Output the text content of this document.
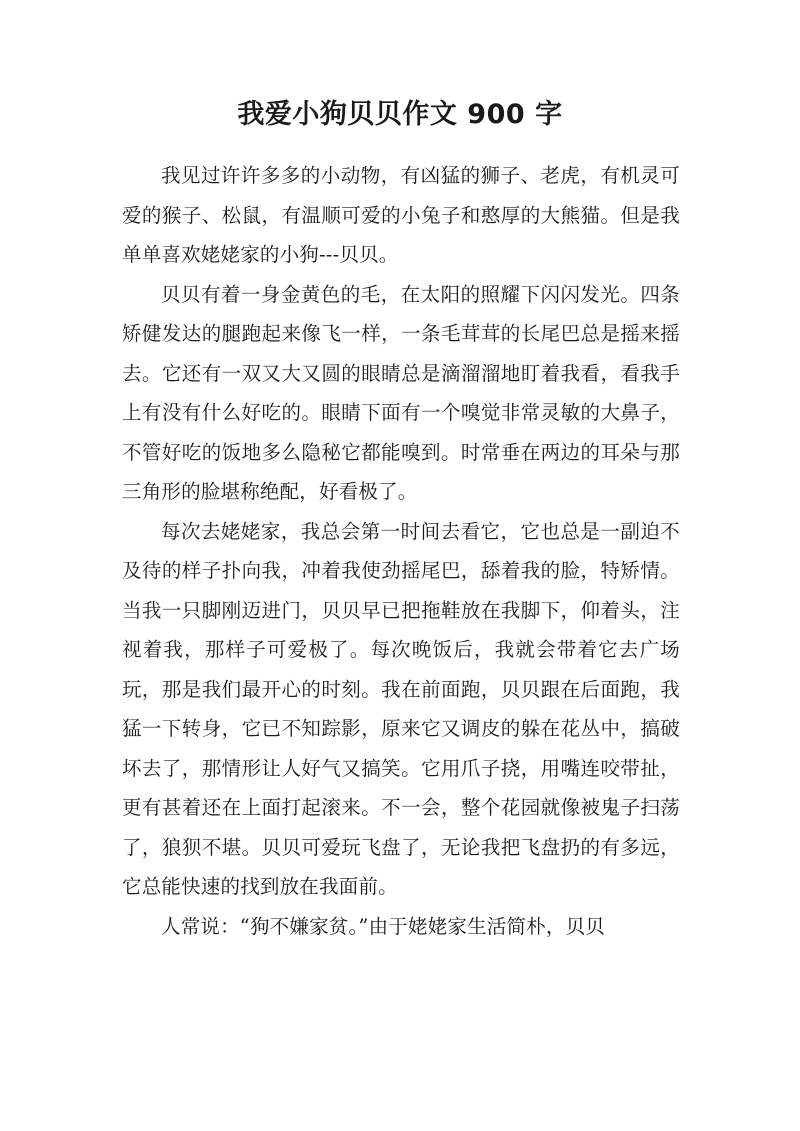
我爱小狗贝贝作文 900 字

我见过许许多多的小动物，有凶猛的狮子、老虎，有机灵可爱的猴子、松鼠，有温顺可爱的小兔子和憨厚的大熊猫。但是我单单喜欢姥姥家的小狗---贝贝。

贝贝有着一身金黄色的毛，在太阳的照耀下闪闪发光。四条矫健发达的腿跑起来像飞一样，一条毛茸茸的长尾巴总是摇来摇去。它还有一双又大又圆的眼睛总是滴溜溜地盯着我看，看我手上有没有什么好吃的。眼睛下面有一个嗅觉非常灵敏的大鼻子，不管好吃的饭地多么隐秘它都能嗅到。时常垂在两边的耳朵与那三角形的脸堪称绝配，好看极了。

每次去姥姥家，我总会第一时间去看它，它也总是一副迫不及待的样子扑向我，冲着我使劲摇尾巴，舔着我的脸，特矫情。当我一只脚刚迈进门，贝贝早已把拖鞋放在我脚下，仰着头，注视着我，那样子可爱极了。每次晚饭后，我就会带着它去广场玩，那是我们最开心的时刻。我在前面跑，贝贝跟在后面跑，我猛一下转身，它已不知踪影，原来它又调皮的躲在花丛中，搞破坏去了，那情形让人好气又搞笑。它用爪子挠，用嘴连咬带扯，更有甚着还在上面打起滚来。不一会，整个花园就像被鬼子扫荡了，狼狈不堪。贝贝可爱玩飞盘了，无论我把飞盘扔的有多远，它总能快速的找到放在我面前。

人常说：“狗不嫌家贫。”由于姥姥家生活简朴，贝贝
